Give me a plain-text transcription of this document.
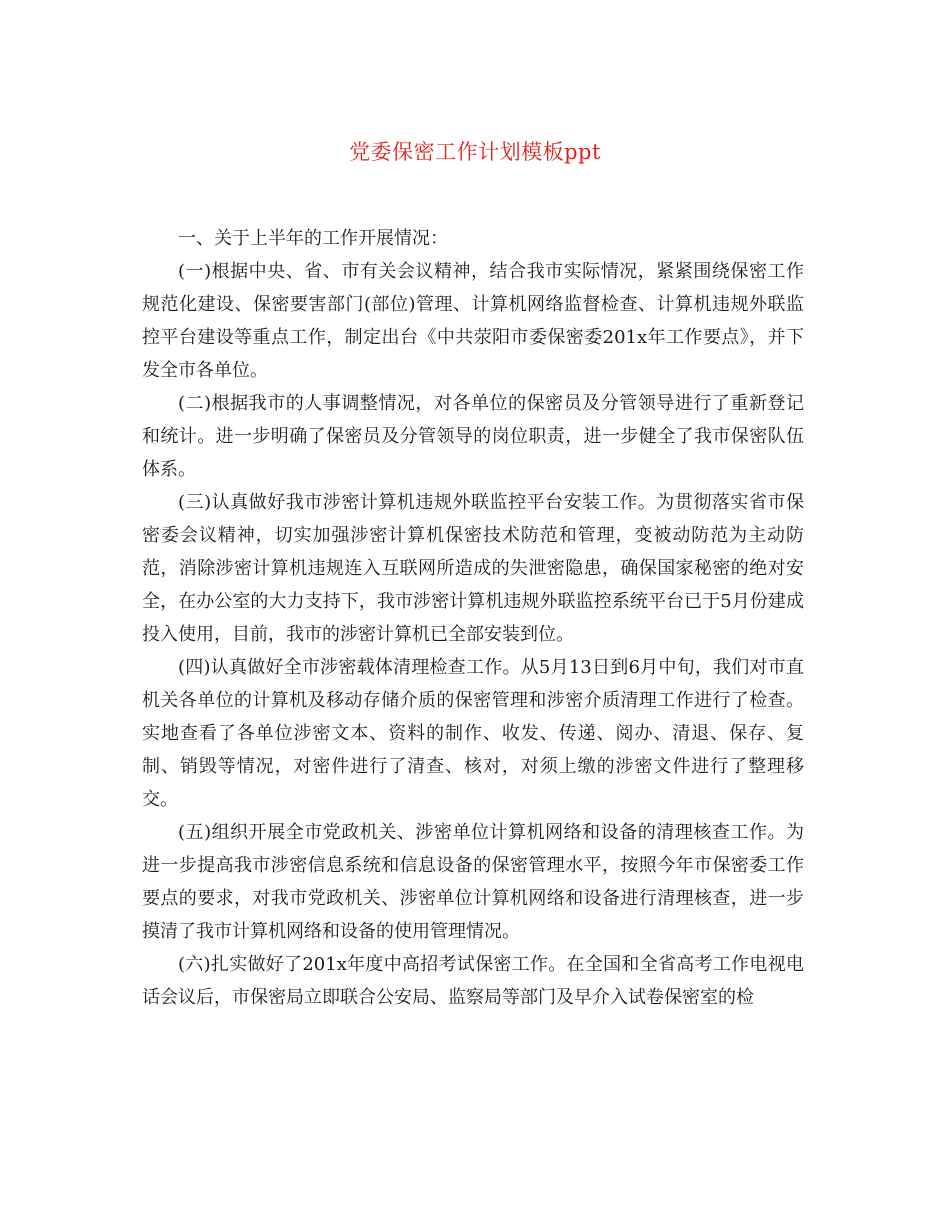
党委保密工作计划模板ppt

一、关于上半年的工作开展情况：

(一)根据中央、省、市有关会议精神，结合我市实际情况，紧紧围绕保密工作规范化建设、保密要害部门(部位)管理、计算机网络监督检查、计算机违规外联监控平台建设等重点工作，制定出台《中共荥阳市委保密委201x年工作要点》，并下发全市各单位。

(二)根据我市的人事调整情况，对各单位的保密员及分管领导进行了重新登记和统计。进一步明确了保密员及分管领导的岗位职责，进一步健全了我市保密队伍体系。

(三)认真做好我市涉密计算机违规外联监控平台安装工作。为贯彻落实省市保密委会议精神，切实加强涉密计算机保密技术防范和管理，变被动防范为主动防范，消除涉密计算机违规连入互联网所造成的失泄密隐患，确保国家秘密的绝对安全，在办公室的大力支持下，我市涉密计算机违规外联监控系统平台已于5月份建成投入使用，目前，我市的涉密计算机已全部安装到位。

(四)认真做好全市涉密载体清理检查工作。从5月13日到6月中旬，我们对市直机关各单位的计算机及移动存储介质的保密管理和涉密介质清理工作进行了检查。实地查看了各单位涉密文本、资料的制作、收发、传递、阅办、清退、保存、复制、销毁等情况，对密件进行了清查、核对，对须上缴的涉密文件进行了整理移交。

(五)组织开展全市党政机关、涉密单位计算机网络和设备的清理核查工作。为进一步提高我市涉密信息系统和信息设备的保密管理水平，按照今年市保密委工作要点的要求，对我市党政机关、涉密单位计算机网络和设备进行清理核查，进一步摸清了我市计算机网络和设备的使用管理情况。

(六)扎实做好了201x年度中高招考试保密工作。在全国和全省高考工作电视电话会议后，市保密局立即联合公安局、监察局等部门及早介入试卷保密室的检
